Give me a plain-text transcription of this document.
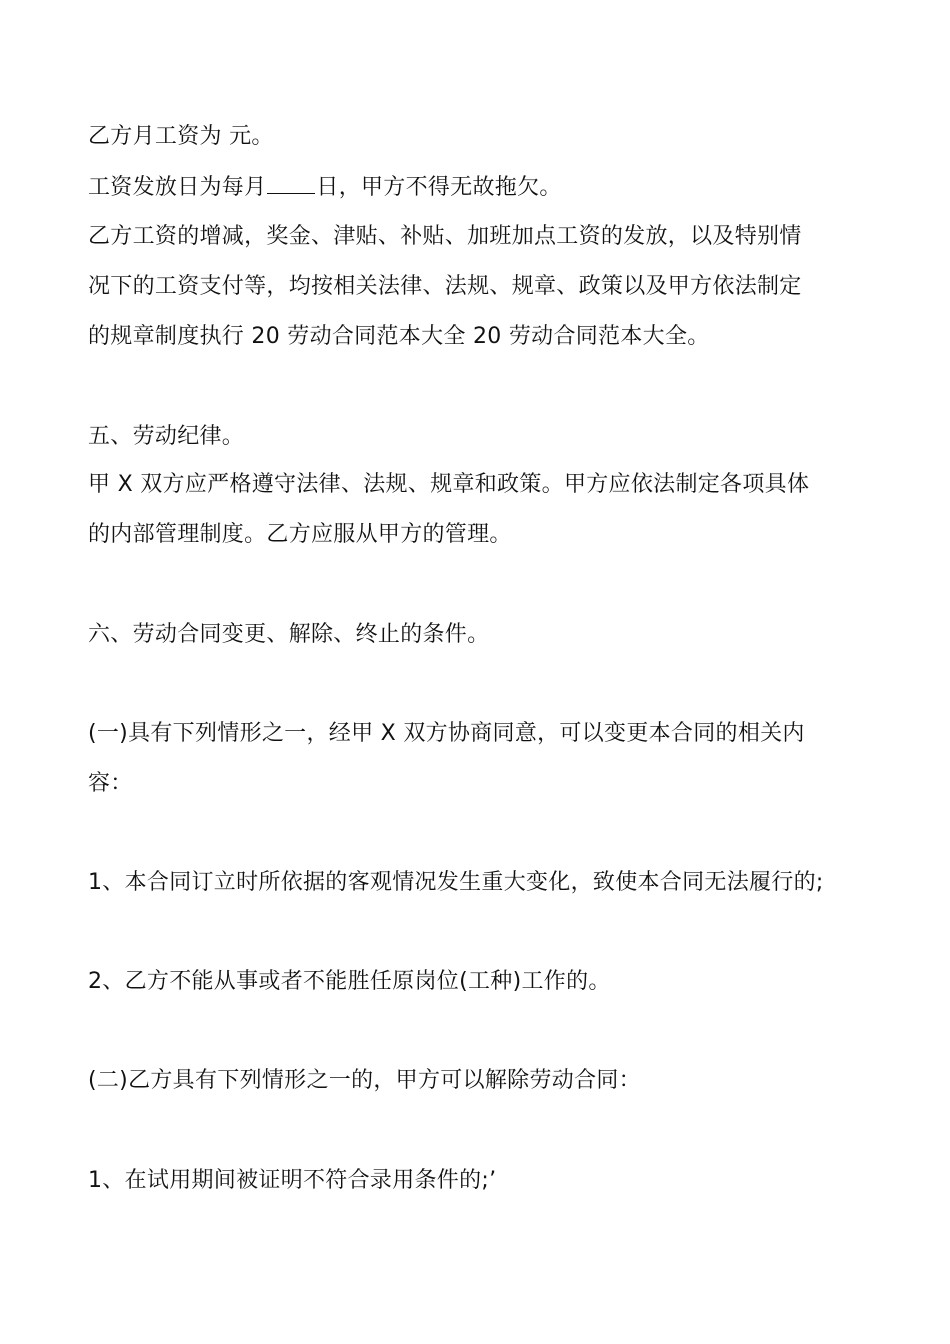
乙方月工资为 元。
工资发放日为每月 日，甲方不得无故拖欠。
乙方工资的增减，奖金、津贴、补贴、加班加点工资的发放，以及特别情
况下的工资支付等，均按相关法律、法规、规章、政策以及甲方依法制定
的规章制度执行 20 劳动合同范本大全 20 劳动合同范本大全。
五、劳动纪律。
甲 X 双方应严格遵守法律、法规、规章和政策。甲方应依法制定各项具体
的内部管理制度。乙方应服从甲方的管理。
六、劳动合同变更、解除、终止的条件。
(一)具有下列情形之一，经甲 X 双方协商同意，可以变更本合同的相关内
容：
1、本合同订立时所依据的客观情况发生重大变化，致使本合同无法履行的;
2、乙方不能从事或者不能胜任原岗位(工种)工作的。
(二)乙方具有下列情形之一的，甲方可以解除劳动合同：
1、在试用期间被证明不符合录用条件的;’
